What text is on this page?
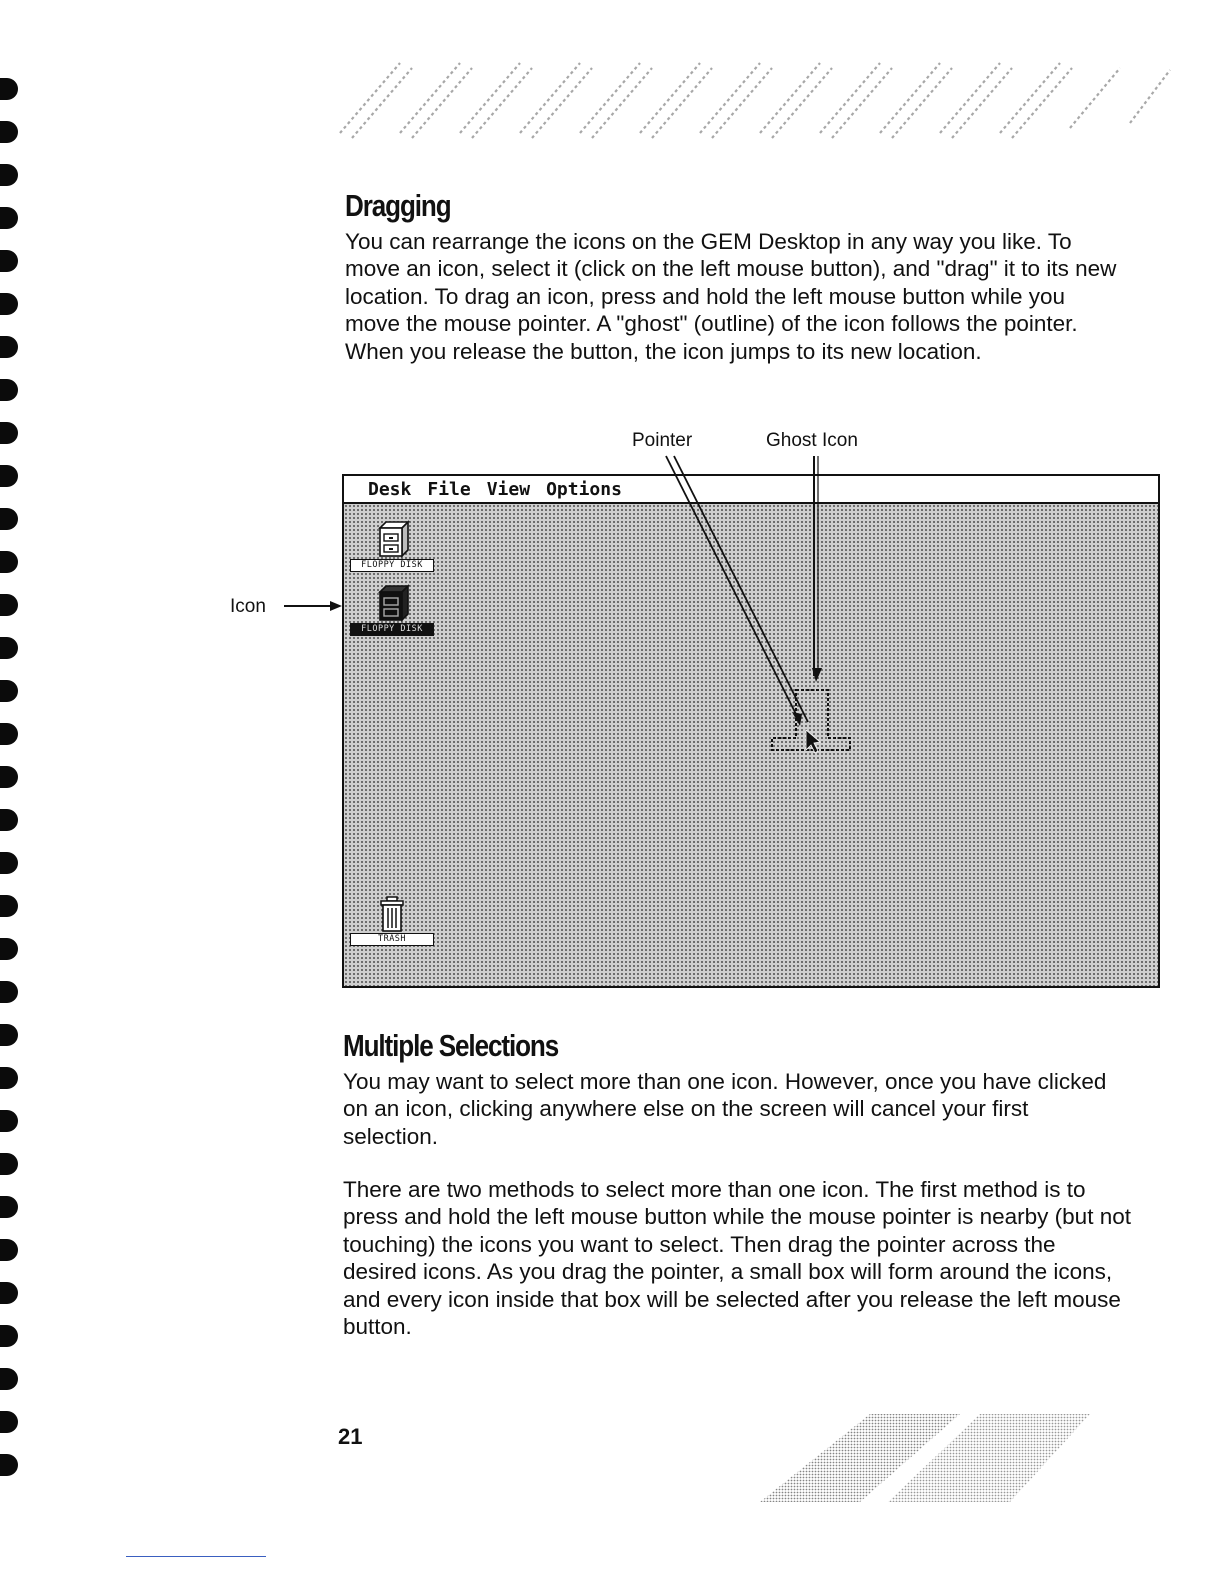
Dragging

You can rearrange the icons on the GEM Desktop in any way you like. To move an icon, select it (click on the left mouse button), and "drag" it to its new location. To drag an icon, press and hold the left mouse button while you move the mouse pointer. A "ghost" (outline) of the icon follows the pointer. When you release the button, the icon jumps to its new location.

Pointer	Ghost Icon
Icon
Desk File View Options
FLOPPY DISK
FLOPPY DISK
TRASH
Multiple Selections

You may want to select more than one icon. However, once you have clicked on an icon, clicking anywhere else on the screen will cancel your first selection.

There are two methods to select more than one icon. The first method is to press and hold the left mouse button while the mouse pointer is nearby (but not touching) the icons you want to select. Then drag the pointer across the desired icons. As you drag the pointer, a small box will form around the icons, and every icon inside that box will be selected after you release the left mouse button.

21
